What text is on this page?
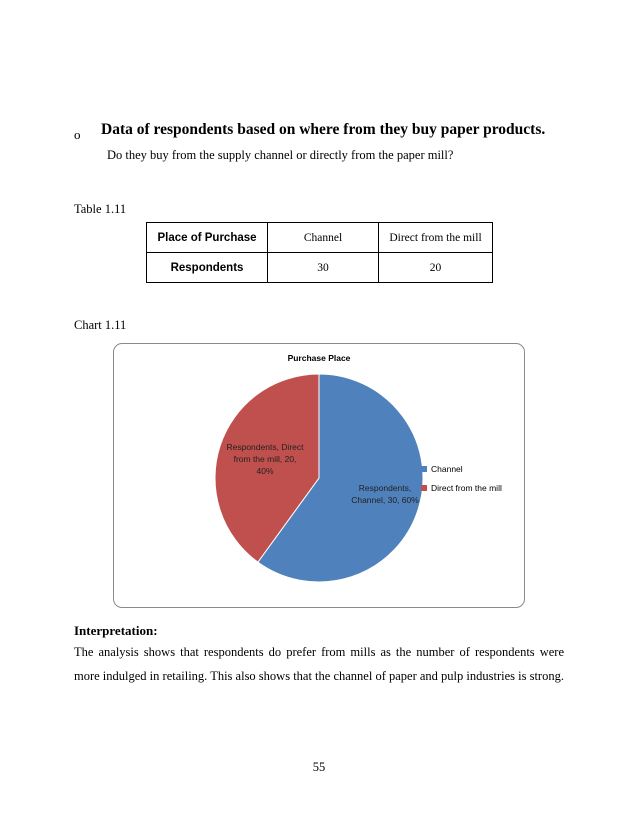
o Data of respondents based on where from they buy paper products.
Do they buy from the supply channel or directly from the paper mill?
Table 1.11
Place of Purchase	Channel	Direct from the mill
Respondents	30	20
Chart 1.11
Purchase Place
Respondents, Direct from the mill, 20, 40%
Respondents, Channel, 30, 60%
Channel
Direct from the mill
Interpretation:
The analysis shows that respondents do prefer from mills as the number of respondents were more indulged in retailing. This also shows that the channel of paper and pulp industries is strong.
55
